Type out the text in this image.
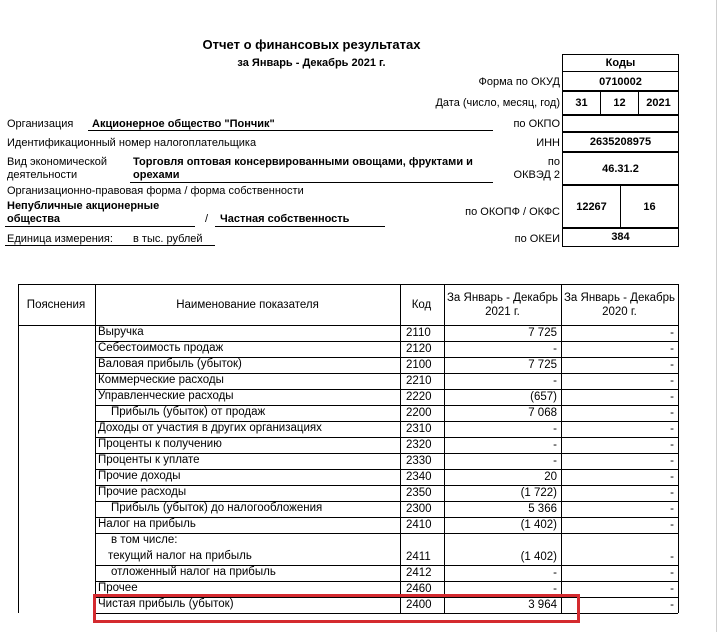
Отчет о финансовых результатах
за Январь - Декабрь 2021 г.	Коды
Форма по ОКУД	0710002
Дата (число, месяц, год)	31	12	2021
Организация Акционерное общество "Пончик"	по ОКПО
Идентификационный номер налогоплательщика	ИНН	2635208975
Вид экономической
деятельности
Торговля оптовая консервированными овощами, фруктами и
орехами
по
ОКВЭД 2
46.31.2
Организационно-правовая форма / форма собственности
Непубличные акционерные
общества	/ Частная собственность
по ОКОПФ / ОКФС	12267	16
Единица измерения: в тыс. рублей	по ОКЕИ	384
Пояснения	Наименование показателя	Код
За Январь - Декабрь
2021 г.
За Январь - Декабрь
2020 г.
Выручка	2110	7 725	-
Себестоимость продаж	2120	-	-
Валовая прибыль (убыток)	2100	7 725	-
Коммерческие расходы	2210	-	-
Управленческие расходы	2220	(657)	-
Прибыль (убыток) от продаж	2200	7 068	-
Доходы от участия в других организациях	2310	-	-
Проценты к получению	2320	-	-
Проценты к уплате	2330	-	-
Прочие доходы	2340	20	-
Прочие расходы	2350	(1 722)	-
Прибыль (убыток) до налогообложения	2300	5 366	-
Налог на прибыль	2410	(1 402)	-
в том числе:
текущий налог на прибыль	2411	(1 402)	-
отложенный налог на прибыль	2412	-	-
Прочее	2460	-	-
Чистая прибыль (убыток)	2400	3 964	-
